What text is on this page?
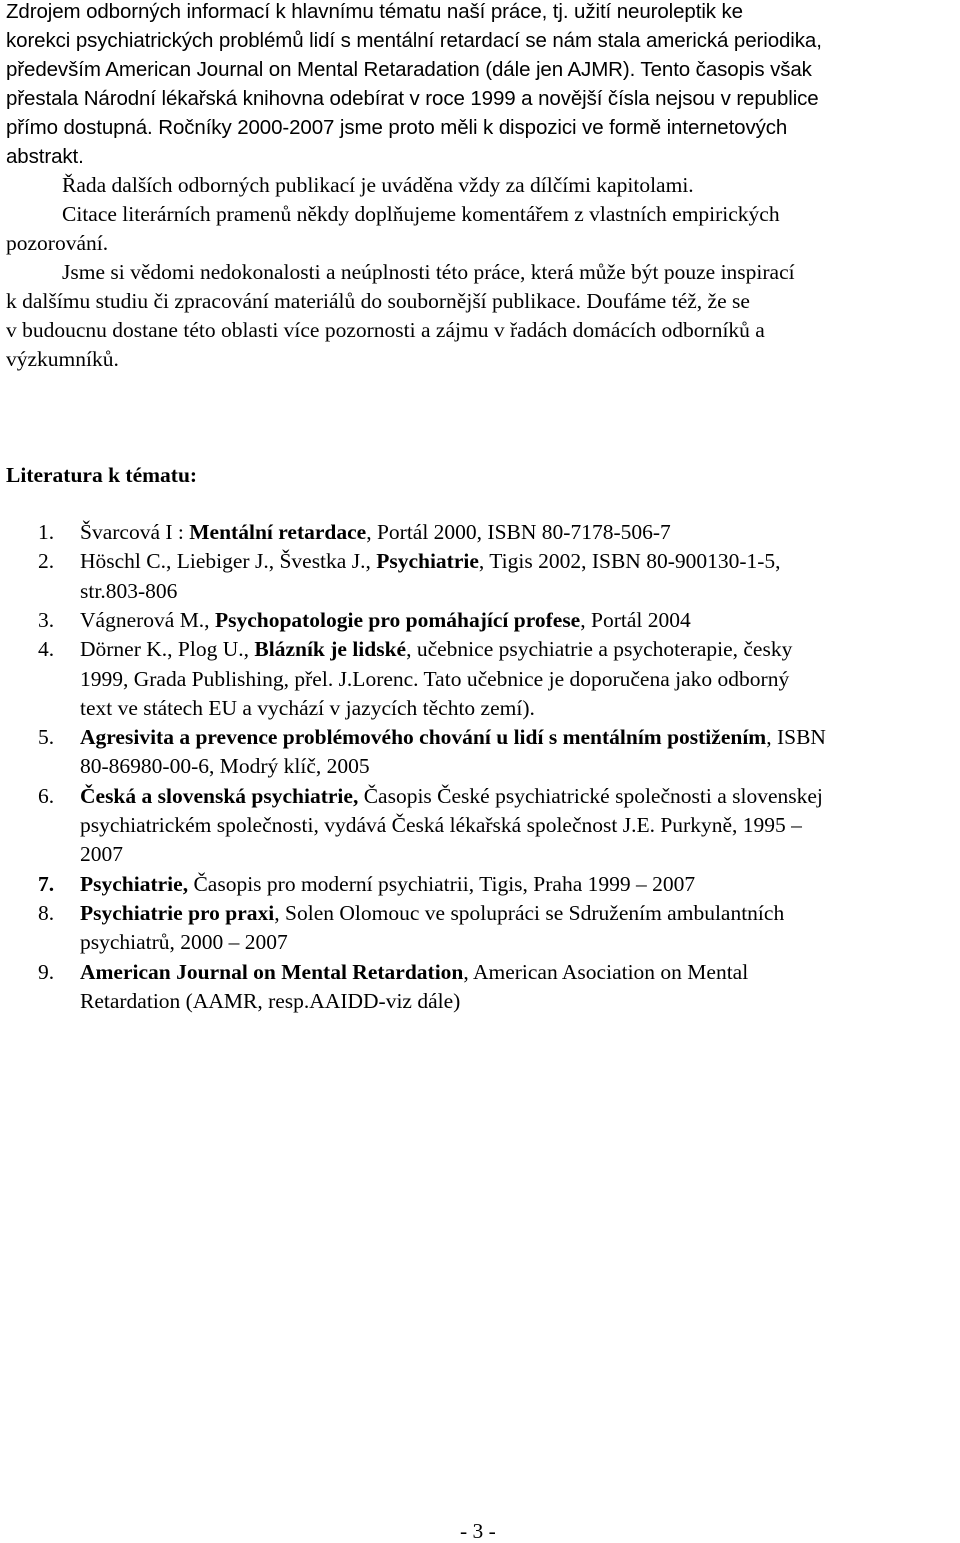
Zdrojem odborných informací k hlavnímu tématu naší práce, tj. užití neuroleptik ke
korekci psychiatrických problémů lidí s mentální retardací se nám stala americká periodika,
především American Journal on Mental Retaradation (dále jen AJMR). Tento časopis však
přestala Národní lékařská knihovna odebírat v roce 1999 a novější čísla nejsou v republice
přímo dostupná. Ročníky 2000-2007 jsme proto měli k dispozici ve formě internetových
abstrakt.
Řada dalších odborných publikací je uváděna vždy za dílčími kapitolami.
Citace literárních pramenů někdy doplňujeme komentářem z vlastních empirických
pozorování.
Jsme si vědomi nedokonalosti a neúplnosti této práce, která může být pouze inspirací
k dalšímu studiu či zpracování materiálů do soubornější publikace. Doufáme též, že se
v budoucnu dostane této oblasti více pozornosti a zájmu v řadách domácích odborníků a
výzkumníků.
Literatura k tématu:
1. Švarcová I : Mentální retardace, Portál 2000, ISBN 80-7178-506-7
2. Höschl C., Liebiger J., Švestka J., Psychiatrie, Tigis 2002, ISBN 80-900130-1-5,
str.803-806
3. Vágnerová M., Psychopatologie pro pomáhající profese, Portál 2004
4. Dörner K., Plog U., Blázník je lidské, učebnice psychiatrie a psychoterapie, česky
1999, Grada Publishing, přel. J.Lorenc. Tato učebnice je doporučena jako odborný
text ve státech EU a vychází v jazycích těchto zemí).
5. Agresivita a prevence problémového chování u lidí s mentálním postižením, ISBN
80-86980-00-6, Modrý klíč, 2005
6. Česká a slovenská psychiatrie, Časopis České psychiatrické společnosti a slovenskej
psychiatrickém společnosti, vydává Česká lékařská společnost J.E. Purkyně, 1995 –
2007
7. Psychiatrie, Časopis pro moderní psychiatrii, Tigis, Praha 1999 – 2007
8. Psychiatrie pro praxi, Solen Olomouc ve spolupráci se Sdružením ambulantních
psychiatrů, 2000 – 2007
9. American Journal on Mental Retardation, American Asociation on Mental
Retardation (AAMR, resp.AAIDD-viz dále)
- 3 -
